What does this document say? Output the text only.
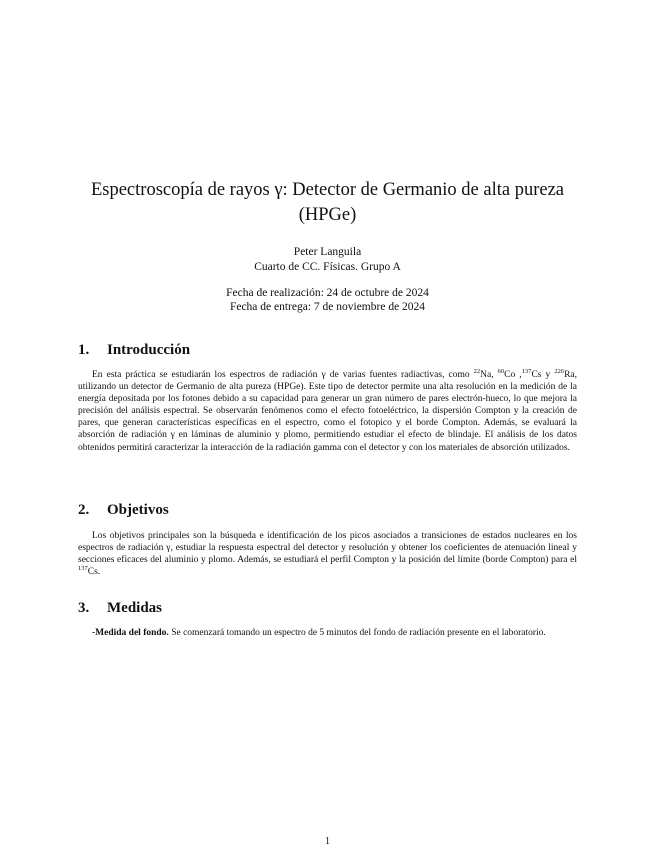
Espectroscopía de rayos γ: Detector de Germanio de alta pureza (HPGe)
Peter Languila
Cuarto de CC. Físicas. Grupo A
Fecha de realización: 24 de octubre de 2024
Fecha de entrega: 7 de noviembre de 2024
1. Introducción
En esta práctica se estudiarán los espectros de radiación γ de varias fuentes radiactivas, como $^{22}$Na, $^{60}$Co ,$^{137}$Cs y $^{226}$Ra, utilizando un detector de Germanio de alta pureza (HPGe). Este tipo de detector permite una alta resolución en la medición de la energía depositada por los fotones debido a su capacidad para generar un gran número de pares electrón-hueco, lo que mejora la precisión del análisis espectral. Se observarán fenómenos como el efecto fotoeléctrico, la dispersión Compton y la creación de pares, que generan características específicas en el espectro, como el fotopico y el borde Compton. Además, se evaluará la absorción de radiación γ en láminas de aluminio y plomo, permitiendo estudiar el efecto de blindaje. El análisis de los datos obtenidos permitirá caracterizar la interacción de la radiación gamma con el detector y con los materiales de absorción utilizados.
2. Objetivos
Los objetivos principales son la búsqueda e identificación de los picos asociados a transiciones de estados nucleares en los espectros de radiación γ, estudiar la respuesta espectral del detector y resolución y obtener los coeficientes de atenuación lineal y secciones eficaces del aluminio y plomo. Además, se estudiará el perfil Compton y la posición del límite (borde Compton) para el $^{137}$Cs.
3. Medidas
-Medida del fondo. Se comenzará tomando un espectro de 5 minutos del fondo de radiación presente en el laboratorio.
1
